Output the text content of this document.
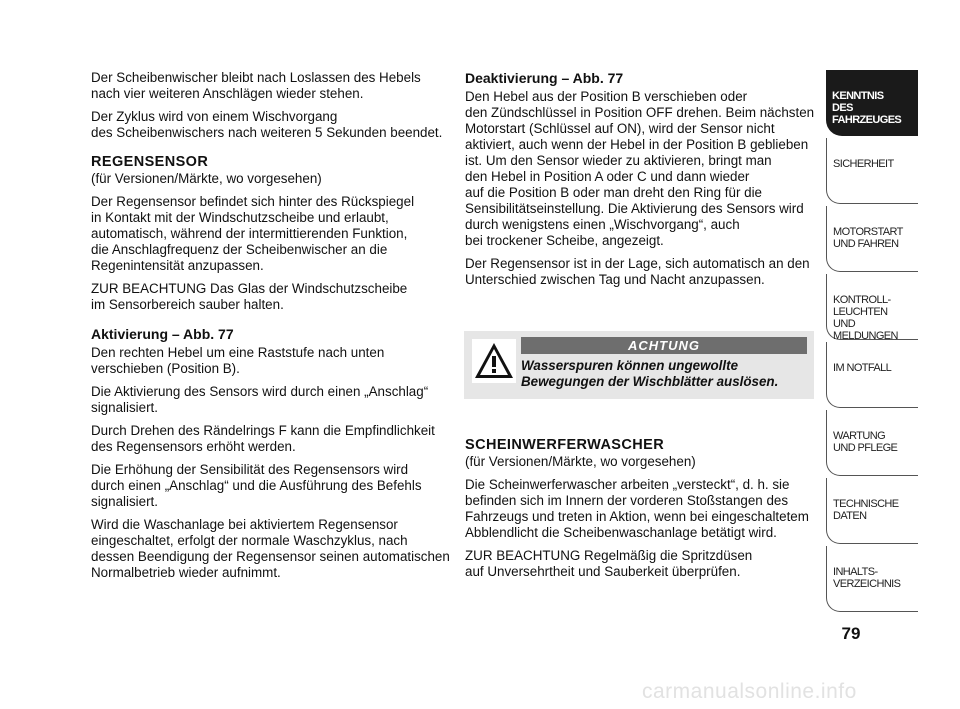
Der Scheibenwischer bleibt nach Loslassen des Hebels
nach vier weiteren Anschlägen wieder stehen.

Der Zyklus wird von einem Wischvorgang
des Scheibenwischers nach weiteren 5 Sekunden beendet.

REGENSENSOR

(für Versionen/Märkte, wo vorgesehen)

Der Regensensor befindet sich hinter des Rückspiegel
in Kontakt mit der Windschutzscheibe und erlaubt,
automatisch, während der intermittierenden Funktion,
die Anschlagfrequenz der Scheibenwischer an die
Regenintensität anzupassen.

ZUR BEACHTUNG Das Glas der Windschutzscheibe
im Sensorbereich sauber halten.

Aktivierung – Abb. 77

Den rechten Hebel um eine Raststufe nach unten
verschieben (Position B).

Die Aktivierung des Sensors wird durch einen „Anschlag“
signalisiert.

Durch Drehen des Rändelrings F kann die Empfindlichkeit
des Regensensors erhöht werden.

Die Erhöhung der Sensibilität des Regensensors wird
durch einen „Anschlag“ und die Ausführung des Befehls
signalisiert.

Wird die Waschanlage bei aktiviertem Regensensor
eingeschaltet, erfolgt der normale Waschzyklus, nach
dessen Beendigung der Regensensor seinen automatischen
Normalbetrieb wieder aufnimmt.

Deaktivierung – Abb. 77

Den Hebel aus der Position B verschieben oder
den Zündschlüssel in Position OFF drehen. Beim nächsten
Motorstart (Schlüssel auf ON), wird der Sensor nicht
aktiviert, auch wenn der Hebel in der Position B geblieben
ist. Um den Sensor wieder zu aktivieren, bringt man
den Hebel in Position A oder C und dann wieder
auf die Position B oder man dreht den Ring für die
Sensibilitätseinstellung. Die Aktivierung des Sensors wird
durch wenigstens einen „Wischvorgang“, auch
bei trockener Scheibe, angezeigt.

Der Regensensor ist in der Lage, sich automatisch an den
Unterschied zwischen Tag und Nacht anzupassen.

ACHTUNG
Wasserspuren können ungewollte
Bewegungen der Wischblätter auslösen.
SCHEINWERFERWASCHER

(für Versionen/Märkte, wo vorgesehen)

Die Scheinwerferwascher arbeiten „versteckt“, d. h. sie
befinden sich im Innern der vorderen Stoßstangen des
Fahrzeugs und treten in Aktion, wenn bei eingeschaltetem
Abblendlicht die Scheibenwaschanlage betätigt wird.

ZUR BEACHTUNG Regelmäßig die Spritzdüsen
auf Unversehrtheit und Sauberkeit überprüfen.

KENNTNIS
DES FAHRZEUGES
SICHERHEIT
MOTORSTART
UND FAHREN
KONTROLL-
LEUCHTEN
UND MELDUNGEN
IM NOTFALL
WARTUNG
UND PFLEGE
TECHNISCHE
DATEN
INHALTS-
VERZEICHNIS
79
carmanualsonline.info
